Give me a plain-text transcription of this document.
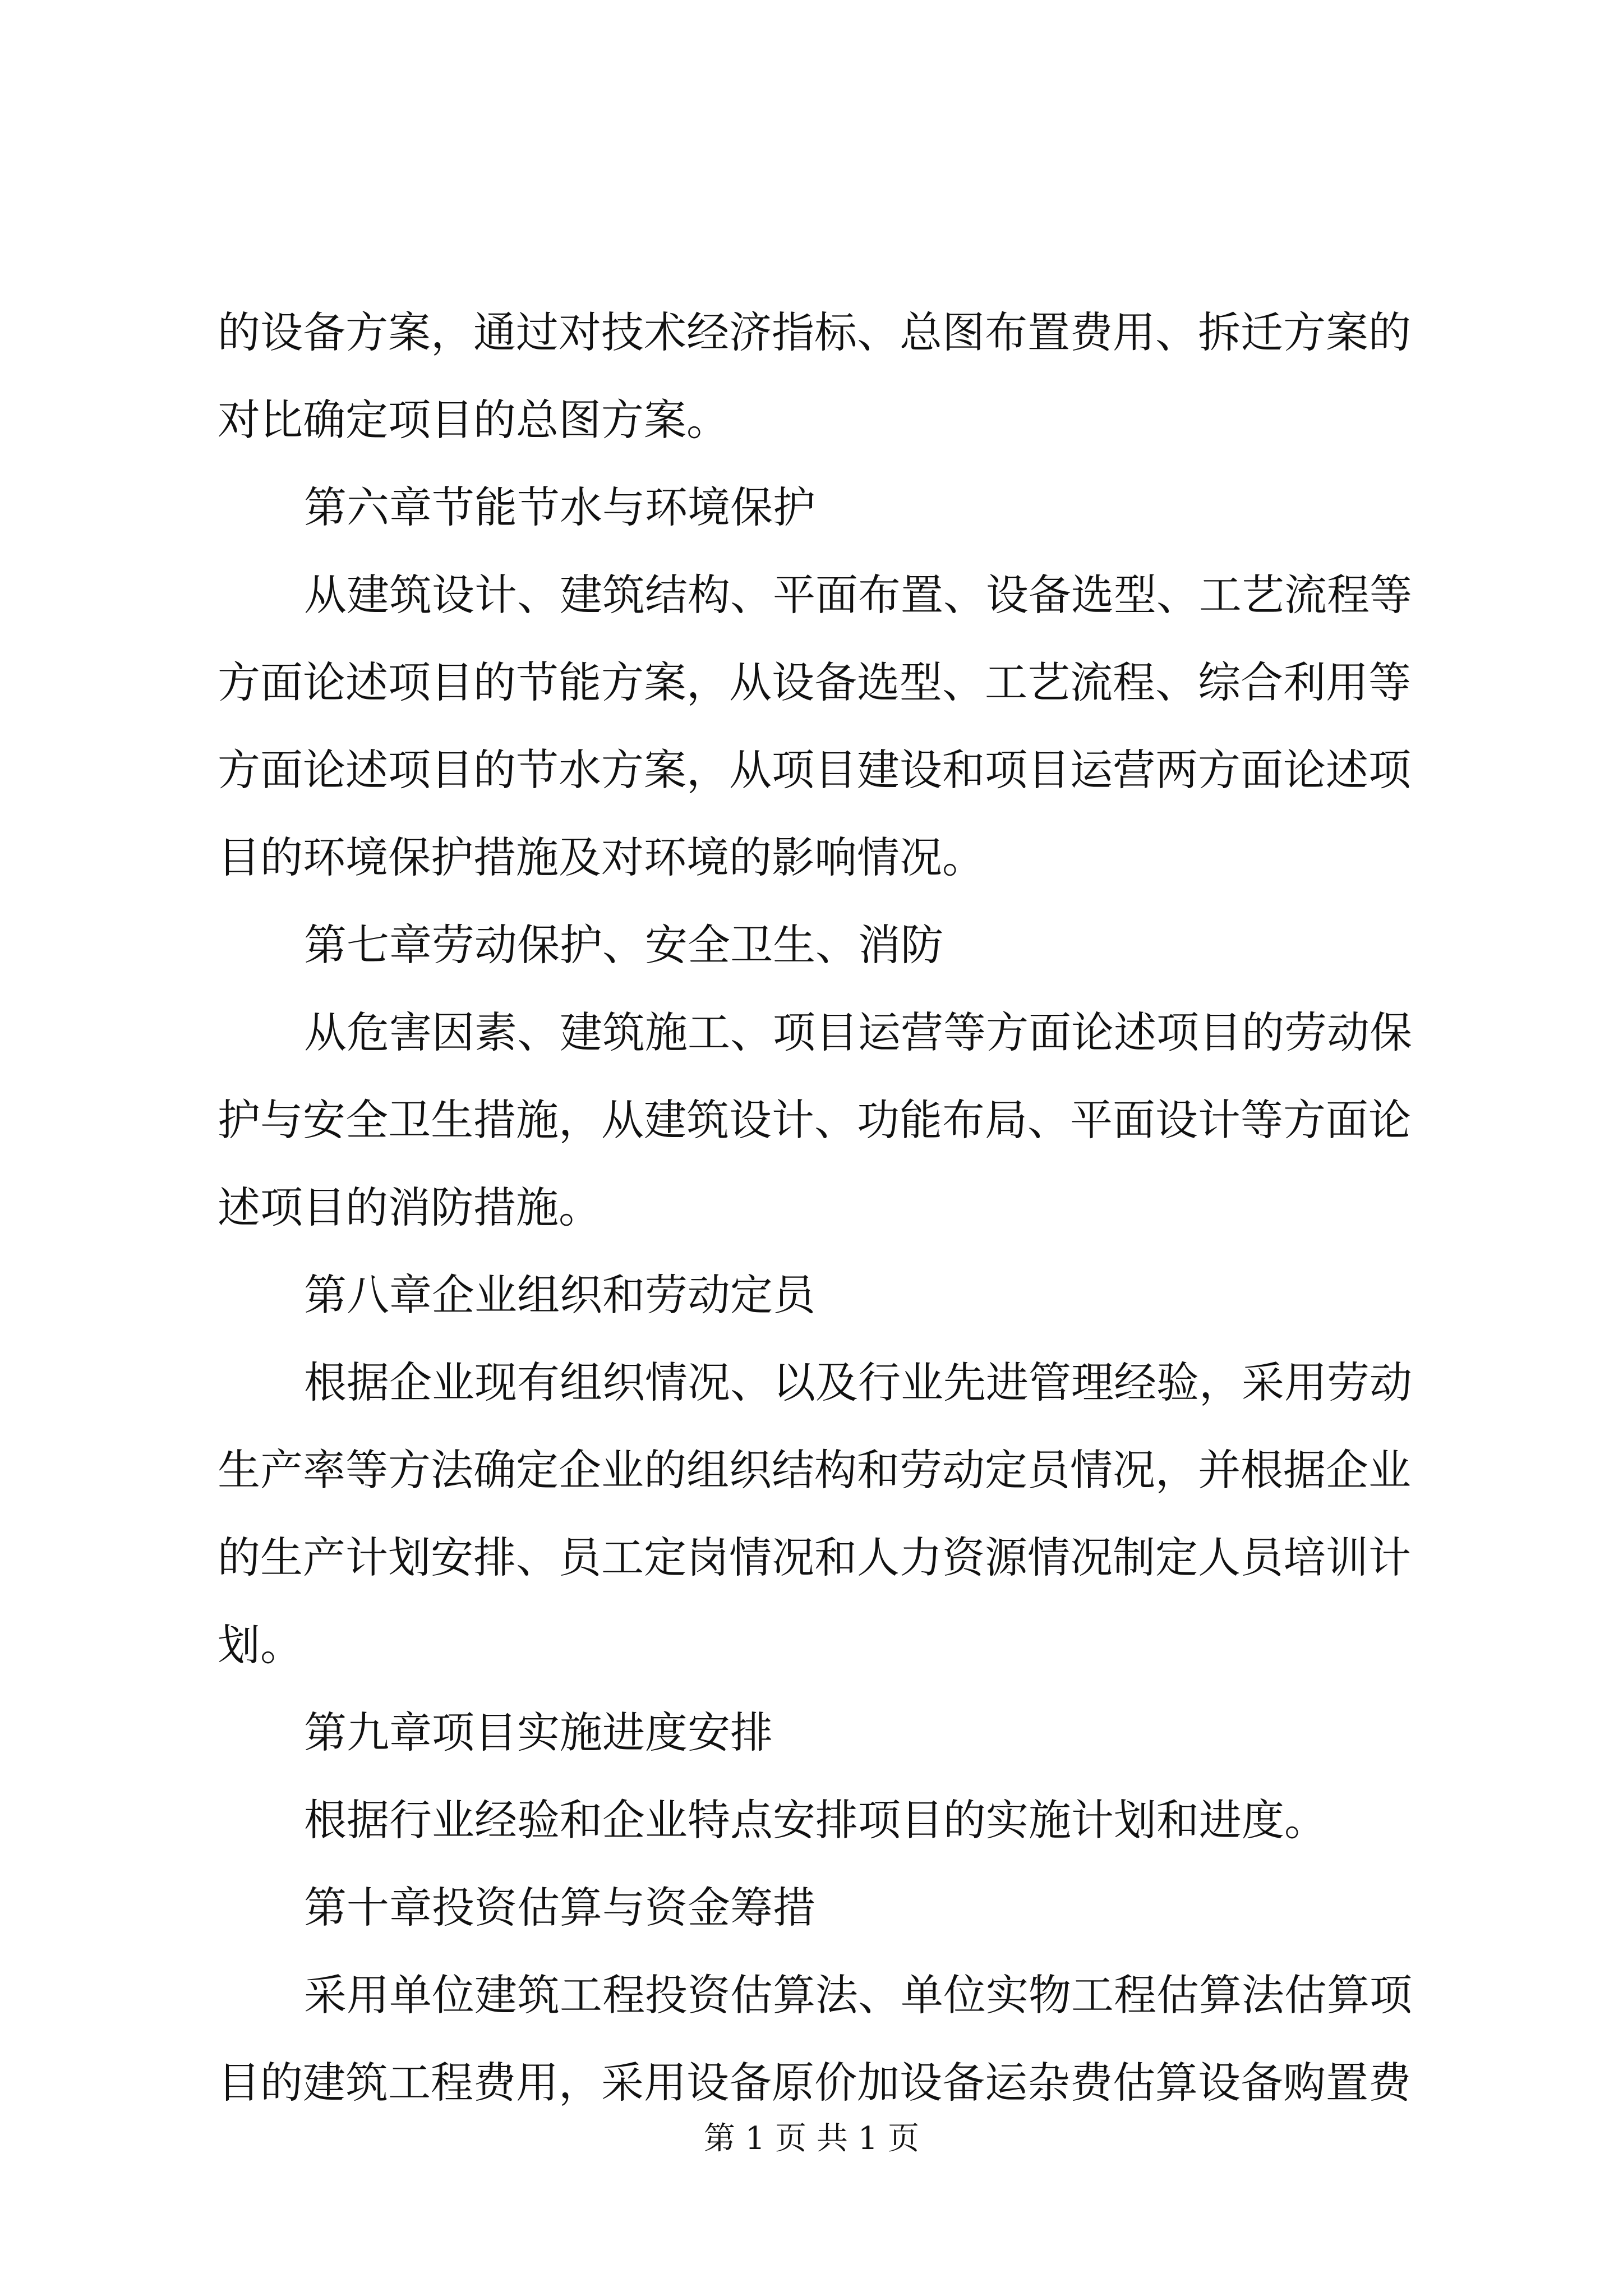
的设备方案，通过对技术经济指标、总图布置费用、拆迁方案的

对比确定项目的总图方案。

第六章节能节水与环境保护

从建筑设计、建筑结构、平面布置、设备选型、工艺流程等

方面论述项目的节能方案，从设备选型、工艺流程、综合利用等

方面论述项目的节水方案，从项目建设和项目运营两方面论述项

目的环境保护措施及对环境的影响情况。

第七章劳动保护、安全卫生、消防

从危害因素、建筑施工、项目运营等方面论述项目的劳动保

护与安全卫生措施，从建筑设计、功能布局、平面设计等方面论

述项目的消防措施。

第八章企业组织和劳动定员

根据企业现有组织情况、以及行业先进管理经验，采用劳动

生产率等方法确定企业的组织结构和劳动定员情况，并根据企业

的生产计划安排、员工定岗情况和人力资源情况制定人员培训计

划。

第九章项目实施进度安排

根据行业经验和企业特点安排项目的实施计划和进度。

第十章投资估算与资金筹措

采用单位建筑工程投资估算法、单位实物工程估算法估算项

目的建筑工程费用，采用设备原价加设备运杂费估算设备购置费

第 1 页 共 1 页
